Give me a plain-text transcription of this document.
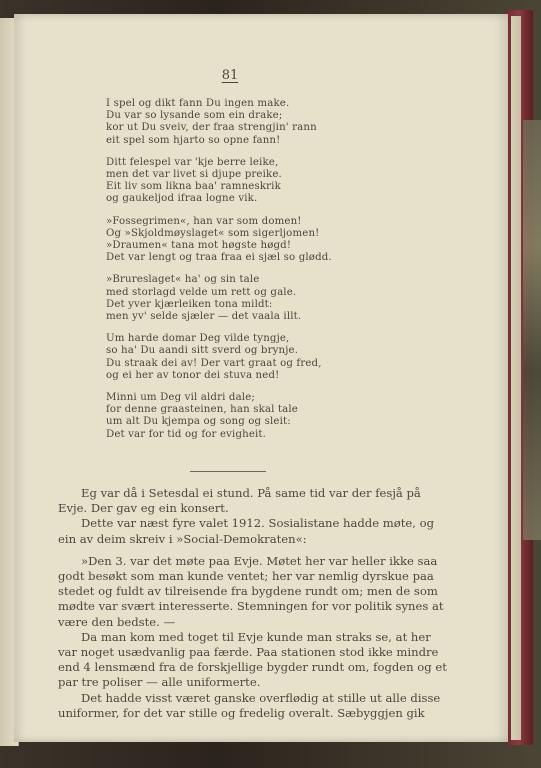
81
I spel og dikt fann Du ingen make.
Du var so lysande som ein drake;
kor ut Du sveiv, der fraa strengjin' rann
eit spel som hjarto so opne fann!
Ditt felespel var 'kje berre leike,
men det var livet si djupe preike.
Eit liv som likna baa' ramneskrik
og gaukeljod ifraa logne vik.
»Fossegrimen«, han var som domen!
Og »Skjoldmøyslaget« som sigerljomen!
»Draumen« tana mot høgste høgd!
Det var lengt og traa fraa ei sjæl so glødd.
»Brureslaget« ha' og sin tale
med storlagd velde um rett og gale.
Det yver kjærleiken tona mildt:
men yv' selde sjæler — det vaala illt.
Um harde domar Deg vilde tyngje,
so ha' Du aandi sitt sverd og brynje.
Du straak dei av! Der vart graat og fred,
og ei her av tonor dei stuva ned!
Minni um Deg vil aldri dale;
for denne graasteinen, han skal tale
um alt Du kjempa og song og sleit:
Det var for tid og for evigheit.
Eg var då i Setesdal ei stund. På same tid var der fesjå på
Evje. Der gav eg ein konsert.
Dette var næst fyre valet 1912. Sosialistane hadde møte, og
ein av deim skreiv i »Social-Demokraten«:
»Den 3. var det møte paa Evje. Møtet her var heller ikke saa
godt besøkt som man kunde ventet; her var nemlig dyrskue paa
stedet og fuldt av tilreisende fra bygdene rundt om; men de som
mødte var svært interesserte. Stemningen for vor politik synes at
være den bedste. —
Da man kom med toget til Evje kunde man straks se, at her
var noget usædvanlig paa færde. Paa stationen stod ikke mindre
end 4 lensmænd fra de forskjellige bygder rundt om, fogden og et
par tre poliser — alle uniformerte.
Det hadde visst været ganske overflødig at stille ut alle disse
uniformer, for det var stille og fredelig overalt. Sæbyggjen gik
